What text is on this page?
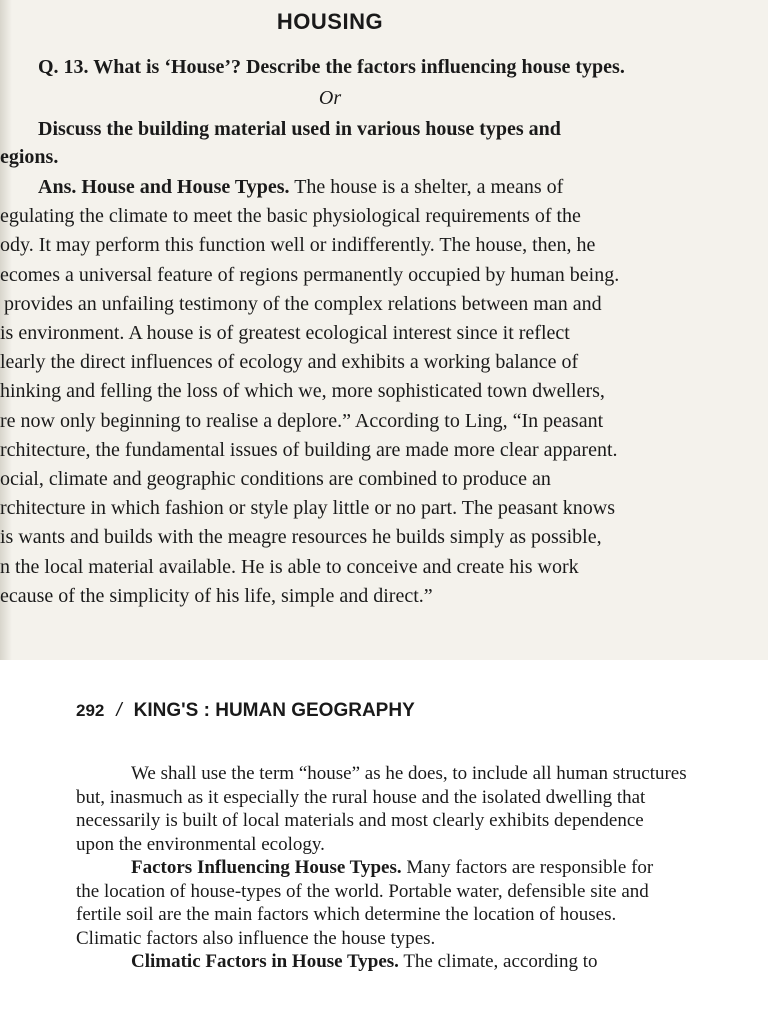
HOUSING
Q. 13. What is ‘House’? Describe the factors influencing house types.
Or
Discuss the building material used in various house types and
egions.
Ans. House and House Types. The house is a shelter, a means of
egulating the climate to meet the basic physiological requirements of the
ody. It may perform this function well or indifferently. The house, then, he
ecomes a universal feature of regions permanently occupied by human being.
provides an unfailing testimony of the complex relations between man and
is environment. A house is of greatest ecological interest since it reflect
learly the direct influences of ecology and exhibits a working balance of
hinking and felling the loss of which we, more sophisticated town dwellers,
re now only beginning to realise a deplore.” According to Ling, “In peasant
rchitecture, the fundamental issues of building are made more clear apparent.
ocial, climate and geographic conditions are combined to produce an
rchitecture in which fashion or style play little or no part. The peasant knows
is wants and builds with the meagre resources he builds simply as possible,
n the local material available. He is able to conceive and create his work
ecause of the simplicity of his life, simple and direct.”
292 / KING'S : HUMAN GEOGRAPHY
We shall use the term “house” as he does, to include all human structures
but, inasmuch as it especially the rural house and the isolated dwelling that
necessarily is built of local materials and most clearly exhibits dependence
upon the environmental ecology.
Factors Influencing House Types. Many factors are responsible for
the location of house-types of the world. Portable water, defensible site and
fertile soil are the main factors which determine the location of houses.
Climatic factors also influence the house types.
Climatic Factors in House Types. The climate, according to
